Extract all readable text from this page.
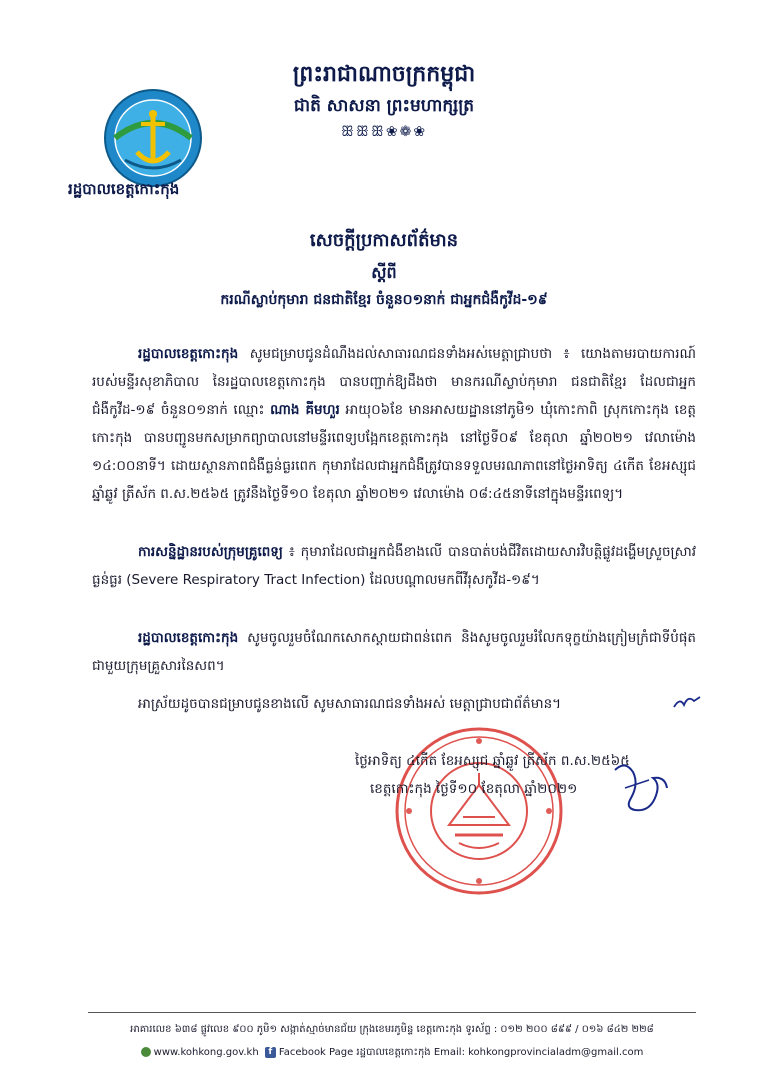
ព្រះរាជាណាចក្រកម្ពុជា
ជាតិ សាសនា ព្រះមហាក្សត្រ
ꕥꕥꕥ❀❁❀
រដ្ឋបាលខេត្តកោះកុង
សេចក្តីប្រកាសព័ត៌មាន
ស្តីពី
ករណីស្លាប់កុមារា ជនជាតិខ្មែរ ចំនួន០១នាក់ ជាអ្នកជំងឺកូវីដ-១៩
រដ្ឋបាលខេត្តកោះកុង សូមជម្រាបជូនដំណឹងដល់សាធារណជនទាំងអស់មេត្តាជ្រាបថា ៖ យោងតាមរបាយការណ៍របស់មន្ទីរសុខាភិបាល នៃរដ្ឋបាលខេត្តកោះកុង បានបញ្ជាក់ឱ្យដឹងថា មានករណីស្លាប់កុមារា ជនជាតិខ្មែរ ដែលជាអ្នកជំងឺកូវីដ-១៩ ចំនួន០១នាក់ ឈ្មោះ ណាង គីមហួរ អាយុ០៦ខែ មានអាសយដ្ឋាននៅភូមិ១ ឃុំកោះកាពិ ស្រុកកោះកុង ខេត្តកោះកុង បានបញ្ជូនមកសម្រាកព្យាបាលនៅមន្ទីរពេទ្យបង្អែកខេត្តកោះកុង នៅថ្ងៃទី០៩ ខែតុលា ឆ្នាំ២០២១ វេលាម៉ោង ១៤:០០នាទី។ ដោយស្ថានភាពជំងឺធ្ងន់ធ្ងរពេក កុមារាដែលជាអ្នកជំងឺត្រូវបានទទួលមរណភាពនៅថ្ងៃអាទិត្យ ៤កើត ខែអស្សុជ ឆ្នាំឆ្លូវ ត្រីស័ក ព.ស.២៥៦៥ ត្រូវនឹងថ្ងៃទី១០ ខែតុលា ឆ្នាំ២០២១ វេលាម៉ោង ០៨:៤៥នាទីនៅក្នុងមន្ទីរពេទ្យ។
ការសន្និដ្ឋានរបស់ក្រុមគ្រូពេទ្យ ៖ កុមារាដែលជាអ្នកជំងឺខាងលើ បានបាត់បង់ជីវិតដោយសារវិបត្តិផ្លូវដង្ហើមស្រួចស្រាវធ្ងន់ធ្ងរ (Severe Respiratory Tract Infection) ដែលបណ្តាលមកពីវីរុសកូវីដ-១៩។
រដ្ឋបាលខេត្តកោះកុង សូមចូលរួមចំណែកសោកស្តាយជាពន់ពេក និងសូមចូលរួមរំលែកទុក្ខយ៉ាងក្រៀមក្រំជាទីបំផុតជាមួយក្រុមគ្រួសារនៃសព។
អាស្រ័យដូចបានជម្រាបជូនខាងលើ សូមសាធារណជនទាំងអស់ មេត្តាជ្រាបជាព័ត៌មាន។
ថ្ងៃអាទិត្យ ៤កើត ខែអស្សុជ ឆ្នាំឆ្លូវ ត្រីស័ក ព.ស.២៥៦៥
ខេត្តកោះកុង ថ្ងៃទី១០ ខែតុលា ឆ្នាំ២០២១
អាគារលេខ ៦៣៨ ផ្លូវលេខ ៩០០ ភូមិ១ សង្កាត់ស្មាច់មានជ័យ ក្រុងខេមរភូមិន្ទ ខេត្តកោះកុង ទូរស័ព្ទ : ០១២ ២០០ ៨៩៩ / ០១៦ ៨៤២ ២២៨
www.kohkong.gov.kh f Facebook Page រដ្ឋបាលខេត្តកោះកុង Email: kohkongprovincialadm@gmail.com
